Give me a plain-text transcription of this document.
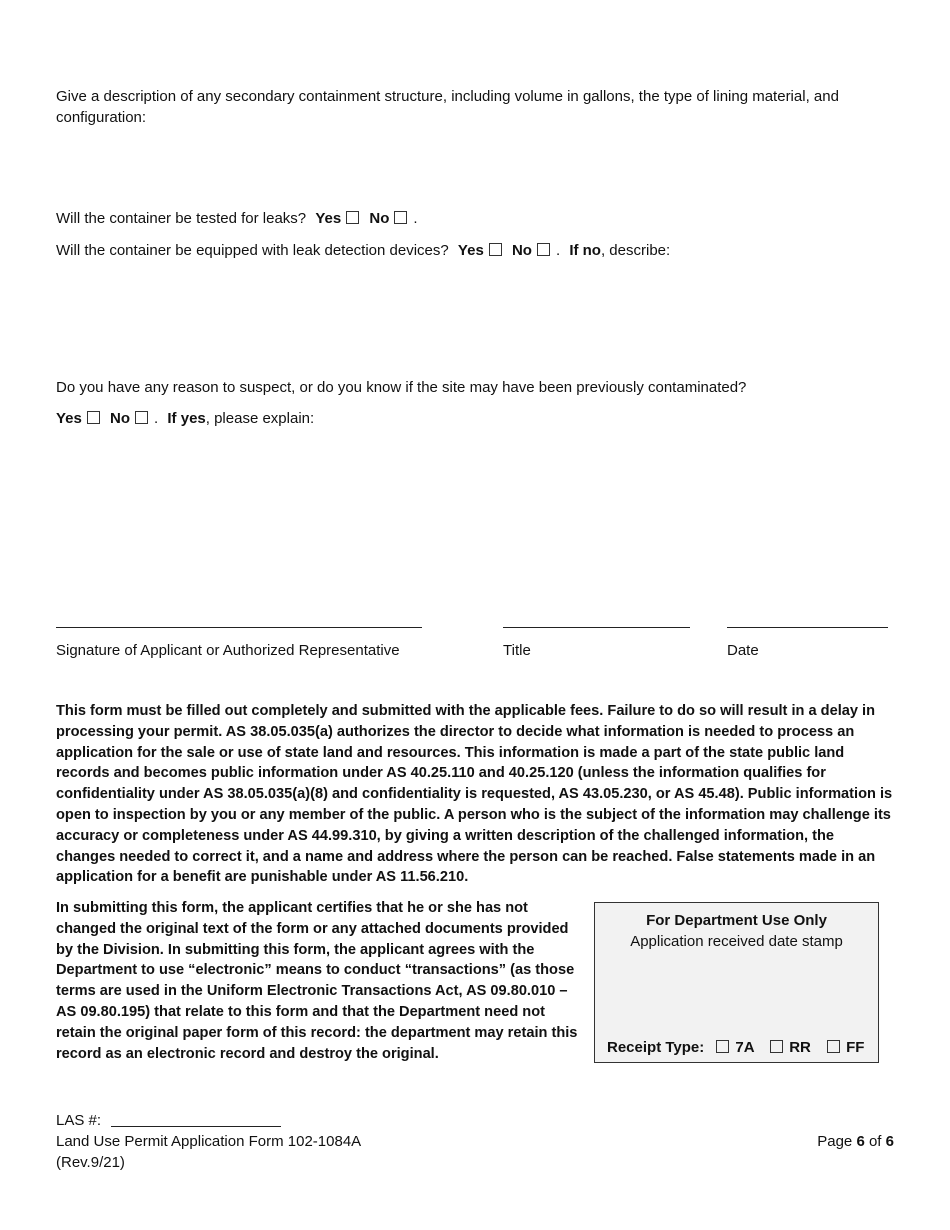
Give a description of any secondary containment structure, including volume in gallons, the type of lining material, and configuration:
Will the container be tested for leaks? Yes No .
Will the container be equipped with leak detection devices? Yes No . If no, describe:
Do you have any reason to suspect, or do you know if the site may have been previously contaminated?
Yes No . If yes, please explain:
Signature of Applicant or Authorized Representative	Title	Date
This form must be filled out completely and submitted with the applicable fees. Failure to do so will result in a delay in processing your permit. AS 38.05.035(a) authorizes the director to decide what information is needed to process an application for the sale or use of state land and resources. This information is made a part of the state public land records and becomes public information under AS 40.25.110 and 40.25.120 (unless the information qualifies for confidentiality under AS 38.05.035(a)(8) and confidentiality is requested, AS 43.05.230, or AS 45.48). Public information is open to inspection by you or any member of the public. A person who is the subject of the information may challenge its accuracy or completeness under AS 44.99.310, by giving a written description of the challenged information, the changes needed to correct it, and a name and address where the person can be reached. False statements made in an application for a benefit are punishable under AS 11.56.210.
In submitting this form, the applicant certifies that he or she has not changed the original text of the form or any attached documents provided by the Division. In submitting this form, the applicant agrees with the Department to use “electronic” means to conduct “transactions” (as those terms are used in the Uniform Electronic Transactions Act, AS 09.80.010 – AS 09.80.195) that relate to this form and that the Department need not retain the original paper form of this record: the department may retain this record as an electronic record and destroy the original.
For Department Use Only
Application received date stamp
Receipt Type: 7A RR FF
LAS #:
Land Use Permit Application Form 102-1084A
(Rev.9/21)
Page 6 of 6
